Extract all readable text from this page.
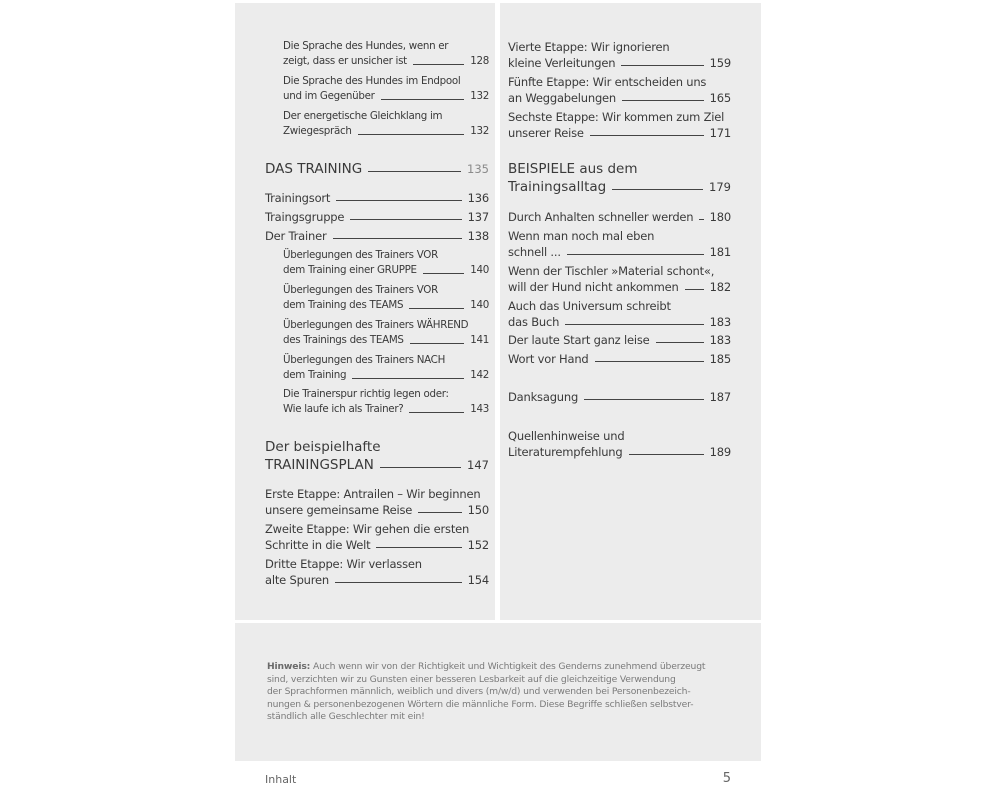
Die Sprache des Hundes, wenn er
zeigt, dass er unsicher ist	128
Die Sprache des Hundes im Endpool
und im Gegenüber	132
Der energetische Gleichklang im
Zwiegespräch	132
DAS TRAINING	135
Trainingsort	136
Traingsgruppe	137
Der Trainer	138
Überlegungen des Trainers VOR
dem Training einer GRUPPE	140
Überlegungen des Trainers VOR
dem Training des TEAMS	140
Überlegungen des Trainers WÄHREND
des Trainings des TEAMS	141
Überlegungen des Trainers NACH
dem Training	142
Die Trainerspur richtig legen oder:
Wie laufe ich als Trainer?	143
Der beispielhafte
TRAININGSPLAN	147
Erste Etappe: Antrailen – Wir beginnen
unsere gemeinsame Reise	150
Zweite Etappe: Wir gehen die ersten
Schritte in die Welt	152
Dritte Etappe: Wir verlassen
alte Spuren	154
Vierte Etappe: Wir ignorieren
kleine Verleitungen	159
Fünfte Etappe: Wir entscheiden uns
an Weggabelungen	165
Sechste Etappe: Wir kommen zum Ziel
unserer Reise	171
BEISPIELE aus dem
Trainingsalltag	179
Durch Anhalten schneller werden 180
Wenn man noch mal eben
schnell ...	181
Wenn der Tischler »Material schont«,
will der Hund nicht ankommen	182
Auch das Universum schreibt
das Buch	183
Der laute Start ganz leise	183
Wort vor Hand	185
Danksagung	187
Quellenhinweise und
Literaturempfehlung	189
Hinweis: Auch wenn wir von der Richtigkeit und Wichtigkeit des Genderns zunehmend überzeugt
sind, verzichten wir zu Gunsten einer besseren Lesbarkeit auf die gleichzeitige Verwendung
der Sprachformen männlich, weiblich und divers (m/w/d) und verwenden bei Personenbezeich-
nungen & personenbezogenen Wörtern die männliche Form. Diese Begriffe schließen selbstver-
ständlich alle Geschlechter mit ein!
Inhalt	5
